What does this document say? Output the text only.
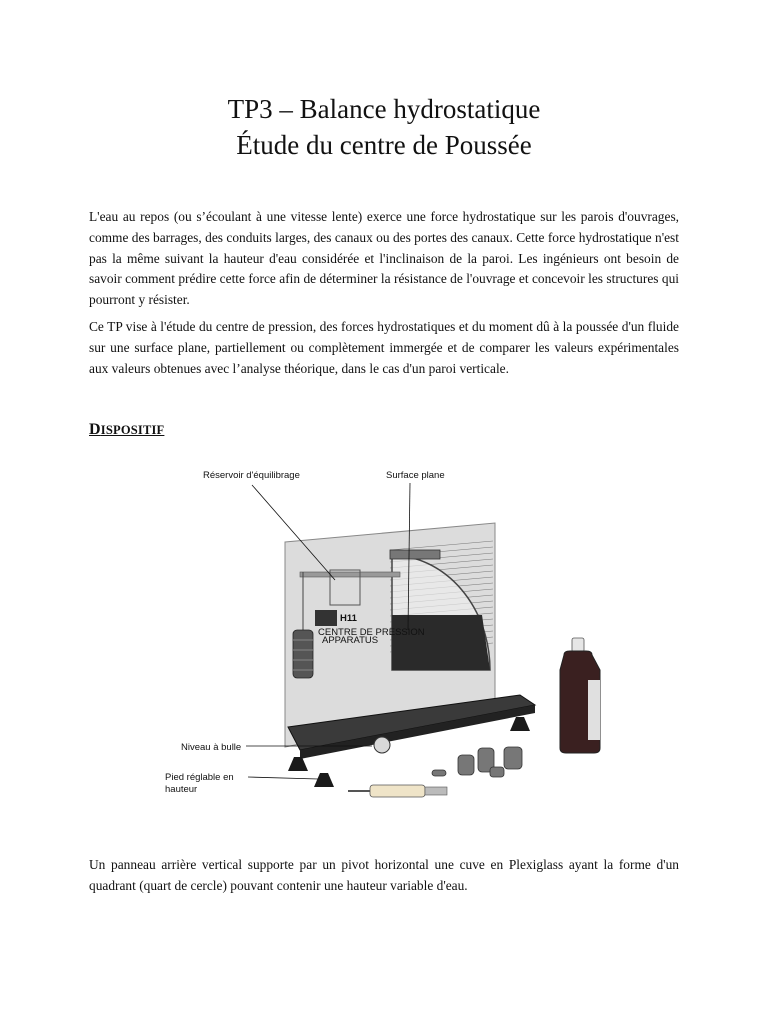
TP3 – Balance hydrostatique
Étude du centre de Poussée
L'eau au repos (ou s’écoulant à une vitesse lente) exerce une force hydrostatique sur les parois d'ouvrages, comme des barrages, des conduits larges, des canaux ou des portes des canaux. Cette force hydrostatique n'est pas la même suivant la hauteur d'eau considérée et l'inclinaison de la paroi. Les ingénieurs ont besoin de savoir comment prédire cette force afin de déterminer la résistance de l'ouvrage et concevoir les structures qui pourront y résister.
Ce TP vise à l'étude du centre de pression, des forces hydrostatiques et du moment dû à la poussée d'un fluide sur une surface plane, partiellement ou complètement immergée et de comparer les valeurs expérimentales aux valeurs obtenues avec l’analyse théorique, dans le cas d'un paroi verticale.
DISPOSITIF
H11
CENTRE DE PRESSION
APPARATUS
Réservoir d'équilibrage	Surface plane
Niveau à bulle
Pied réglable en
hauteur
Un panneau arrière vertical supporte par un pivot horizontal une cuve en Plexiglass ayant la forme d'un quadrant (quart de cercle) pouvant contenir une hauteur variable d'eau.
